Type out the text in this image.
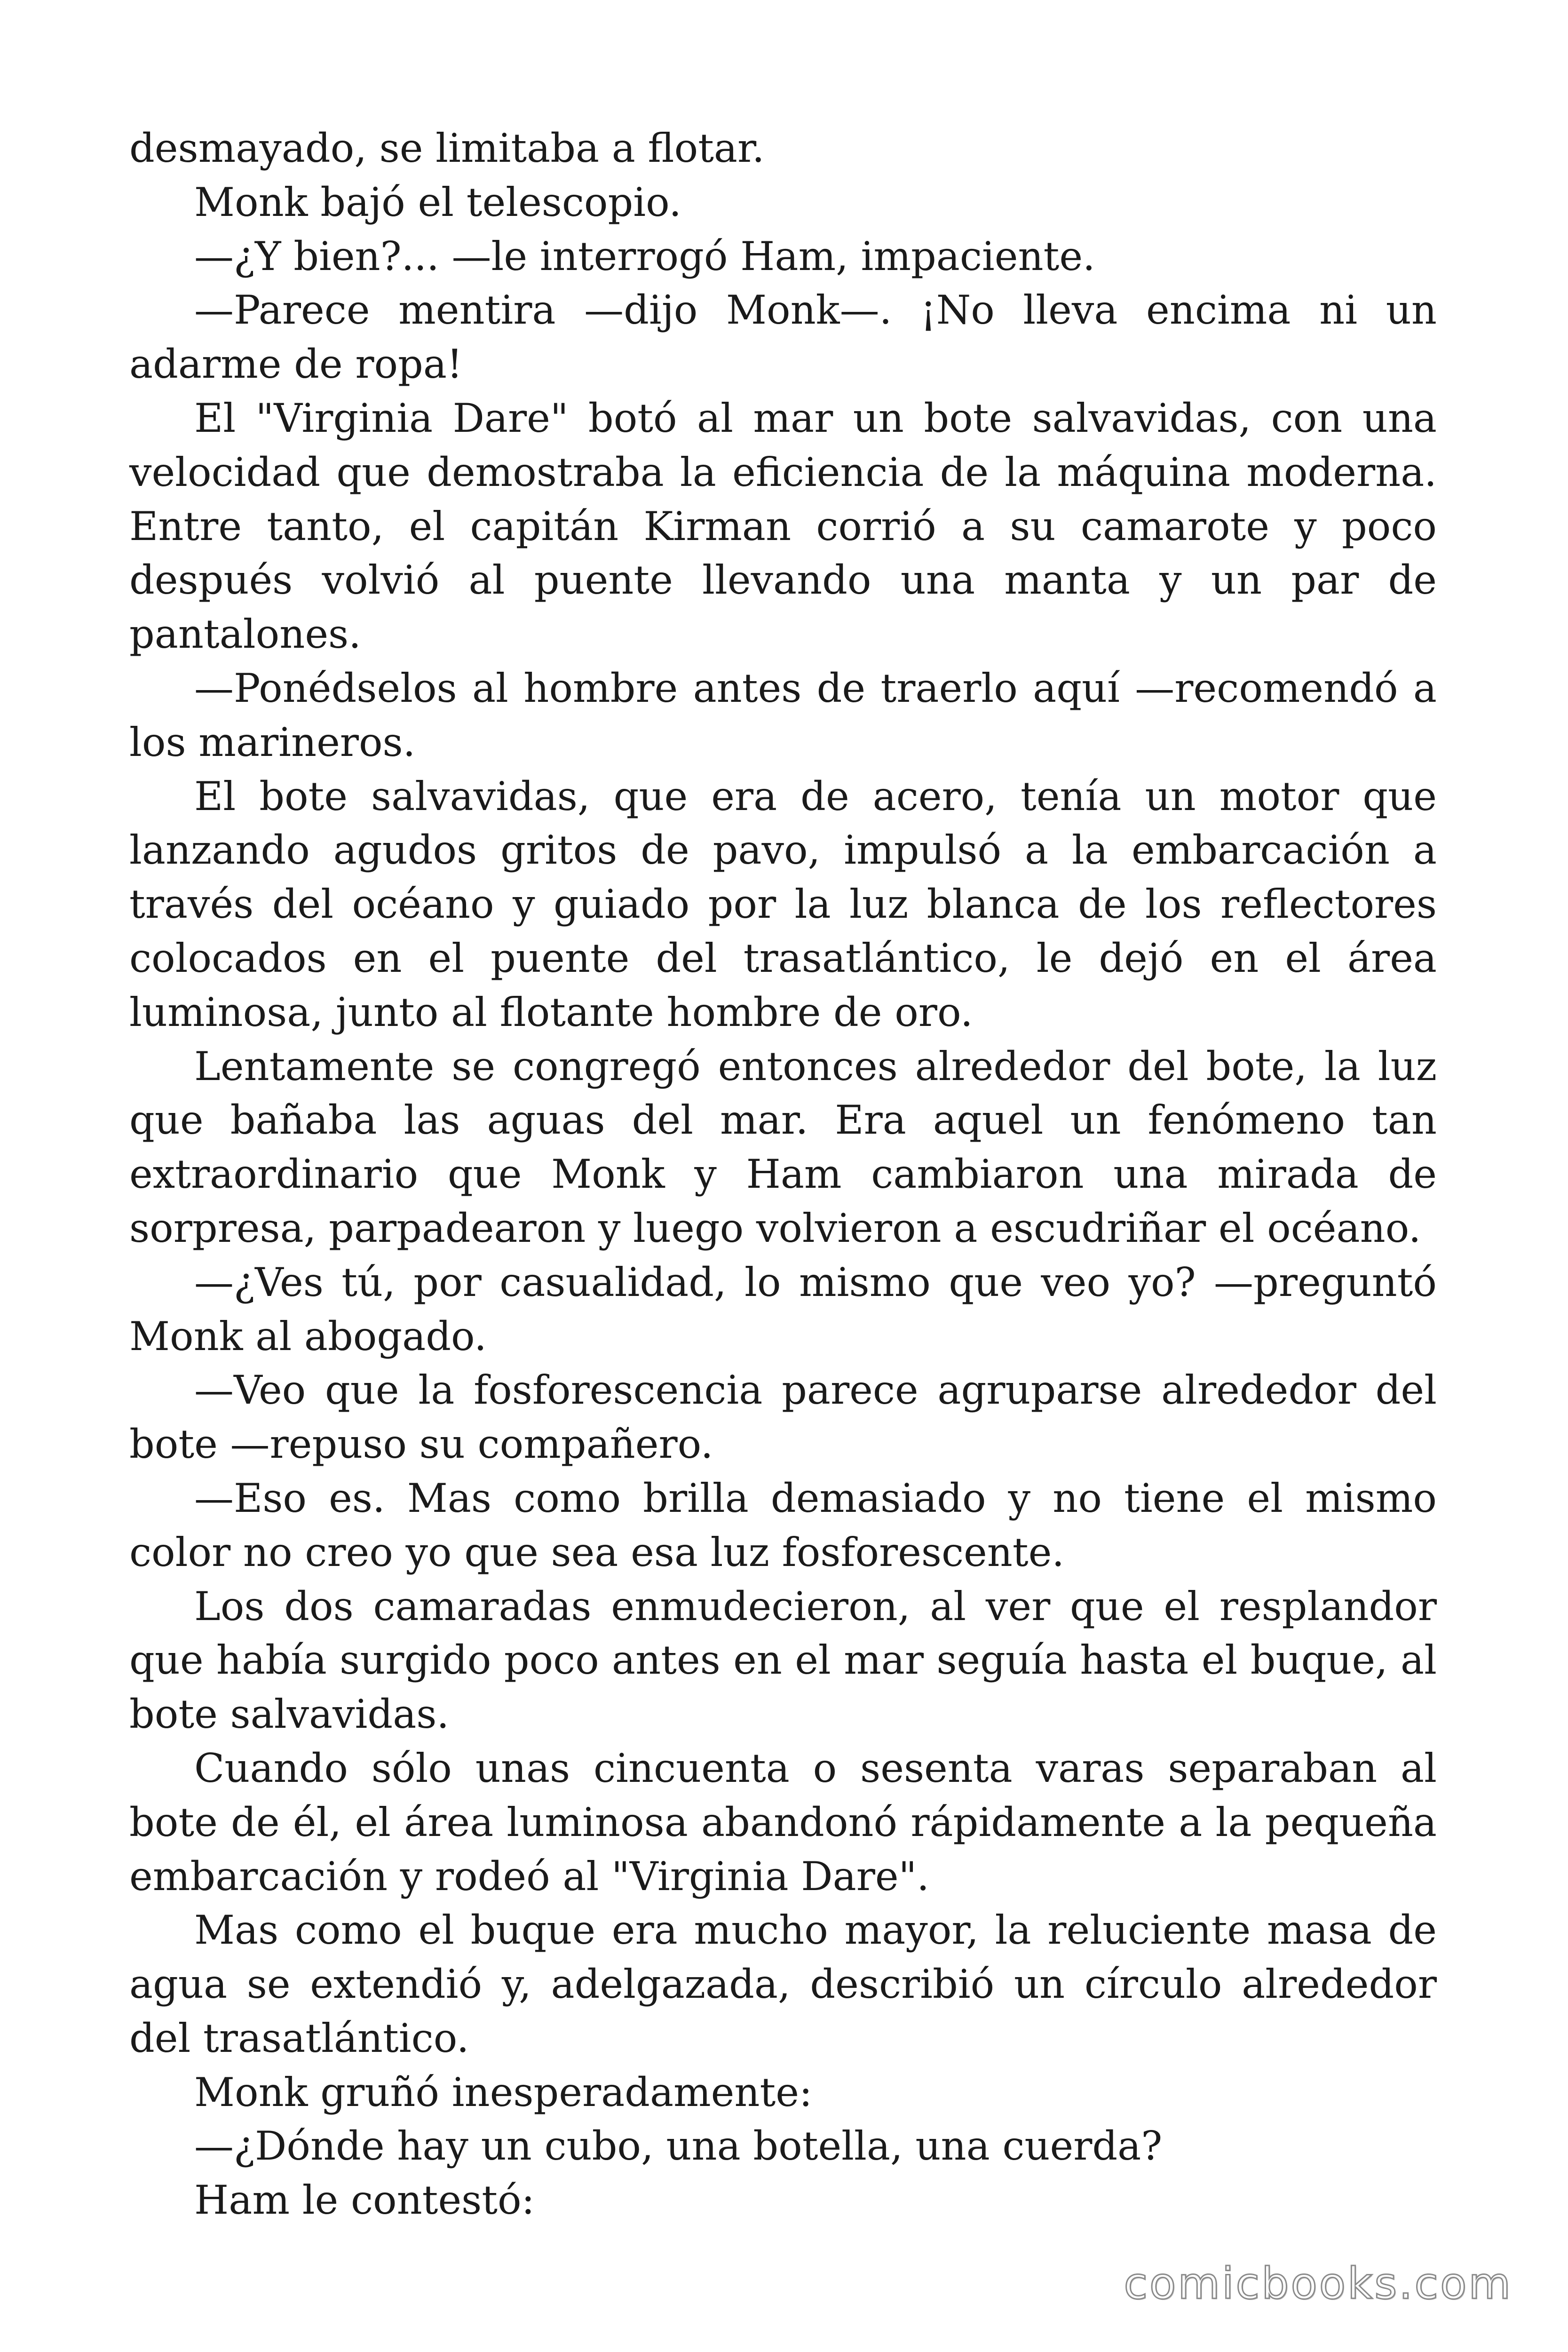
desmayado, se limitaba a flotar.

Monk bajó el telescopio.

—¿Y bien?... —le interrogó Ham, impaciente.

—Parece mentira —dijo Monk—. ¡No lleva encima ni un adarme de ropa!

El "Virginia Dare" botó al mar un bote salvavidas, con una velocidad que demostraba la eficiencia de la máquina moderna. Entre tanto, el capitán Kirman corrió a su camarote y poco después volvió al puente llevando una manta y un par de pantalones.

—Ponédselos al hombre antes de traerlo aquí —recomendó a los marineros.

El bote salvavidas, que era de acero, tenía un motor que lanzando agudos gritos de pavo, impulsó a la embarcación a través del océano y guiado por la luz blanca de los reflectores colocados en el puente del trasatlántico, le dejó en el área luminosa, junto al flotante hombre de oro.

Lentamente se congregó entonces alrededor del bote, la luz que bañaba las aguas del mar. Era aquel un fenómeno tan extraordinario que Monk y Ham cambiaron una mirada de sorpresa, parpadearon y luego volvieron a escudriñar el océano.

—¿Ves tú, por casualidad, lo mismo que veo yo? —preguntó Monk al abogado.

—Veo que la fosforescencia parece agruparse alrededor del bote —repuso su compañero.

—Eso es. Mas como brilla demasiado y no tiene el mismo color no creo yo que sea esa luz fosforescente.

Los dos camaradas enmudecieron, al ver que el resplandor que había surgido poco antes en el mar seguía hasta el buque, al bote salvavidas.

Cuando sólo unas cincuenta o sesenta varas separaban al bote de él, el área luminosa abandonó rápidamente a la pequeña embarcación y rodeó al "Virginia Dare".

Mas como el buque era mucho mayor, la reluciente masa de agua se extendió y, adelgazada, describió un círculo alrededor del trasatlántico.

Monk gruñó inesperadamente:

—¿Dónde hay un cubo, una botella, una cuerda?

Ham le contestó:

comicbooks.com
